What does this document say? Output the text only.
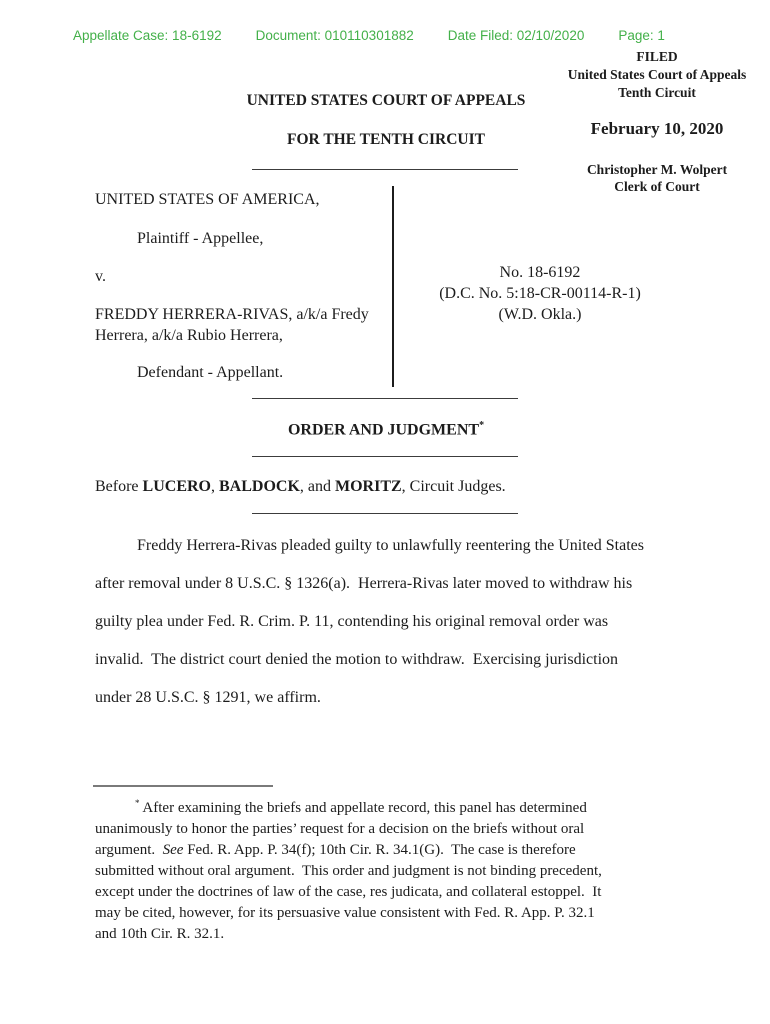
Appellate Case: 18-6192	Document: 010110301882	Date Filed: 02/10/2020	Page: 1
FILED
United States Court of Appeals
Tenth Circuit
February 10, 2020
Christopher M. Wolpert
Clerk of Court
UNITED STATES COURT OF APPEALS
FOR THE TENTH CIRCUIT
UNITED STATES OF AMERICA,
Plaintiff - Appellee,
v.
FREDDY HERRERA-RIVAS, a/k/a Fredy
Herrera, a/k/a Rubio Herrera,
Defendant - Appellant.
No. 18-6192
(D.C. No. 5:18-CR-00114-R-1)
(W.D. Okla.)
ORDER AND JUDGMENT*
Before LUCERO, BALDOCK, and MORITZ, Circuit Judges.
Freddy Herrera-Rivas pleaded guilty to unlawfully reentering the United States
after removal under 8 U.S.C. § 1326(a).  Herrera-Rivas later moved to withdraw his
guilty plea under Fed. R. Crim. P. 11, contending his original removal order was
invalid.  The district court denied the motion to withdraw.  Exercising jurisdiction
under 28 U.S.C. § 1291, we affirm.
* After examining the briefs and appellate record, this panel has determined
unanimously to honor the parties’ request for a decision on the briefs without oral
argument.  See Fed. R. App. P. 34(f); 10th Cir. R. 34.1(G).  The case is therefore
submitted without oral argument.  This order and judgment is not binding precedent,
except under the doctrines of law of the case, res judicata, and collateral estoppel.  It
may be cited, however, for its persuasive value consistent with Fed. R. App. P. 32.1
and 10th Cir. R. 32.1.
